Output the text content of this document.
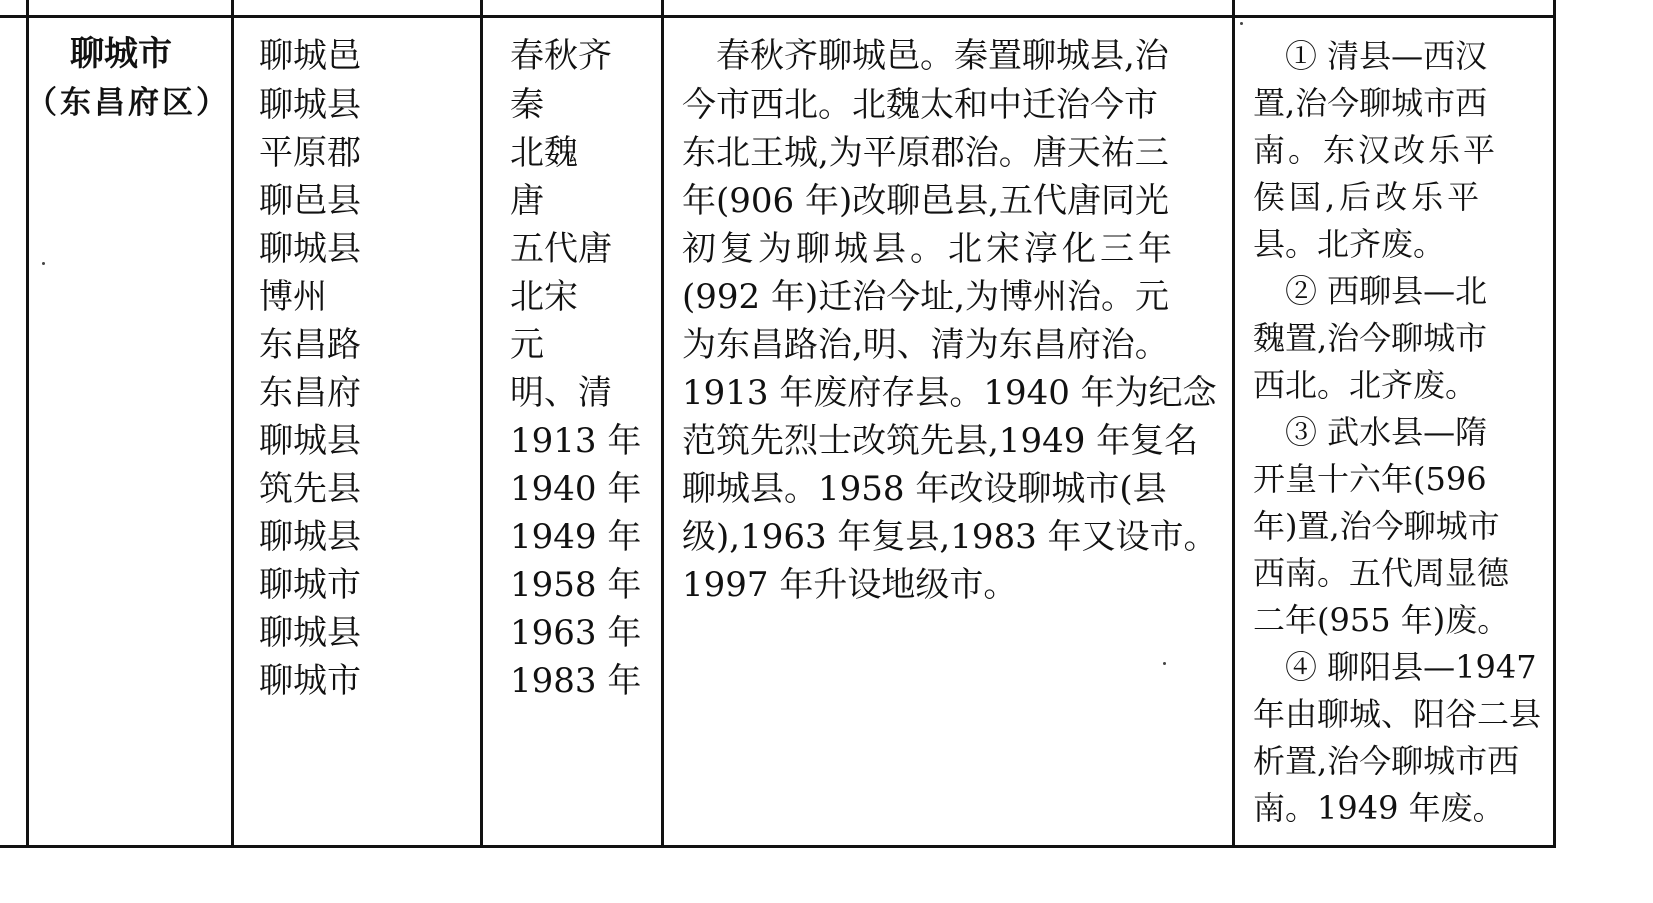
聊城市
（东昌府区）
聊城邑
聊城县
平原郡
聊邑县
聊城县
博州
东昌路
东昌府
聊城县
筑先县
聊城县
聊城市
聊城县
聊城市
春秋齐
秦
北魏
唐
五代唐
北宋
元
明、清
1913 年
1940 年
1949 年
1958 年
1963 年
1983 年
　春秋齐聊城邑。秦置聊城县,治
今市西北。北魏太和中迁治今市
东北王城,为平原郡治。唐天祐三
年(906 年)改聊邑县,五代唐同光
初复为聊城县。北宋淳化三年
(992 年)迁治今址,为博州治。元
为东昌路治,明、清为东昌府治。
1913 年废府存县。1940 年为纪念
范筑先烈士改筑先县,1949 年复名
聊城县。1958 年改设聊城市(县
级),1963 年复县,1983 年又设市。
1997 年升设地级市。
　① 清县—西汉
置,治今聊城市西
南。东汉改乐平
侯国,后改乐平
县。北齐废。
　② 西聊县—北
魏置,治今聊城市
西北。北齐废。
　③ 武水县—隋
开皇十六年(596
年)置,治今聊城市
西南。五代周显德
二年(955 年)废。
　④ 聊阳县—1947
年由聊城、阳谷二县
析置,治今聊城市西
南。1949 年废。
